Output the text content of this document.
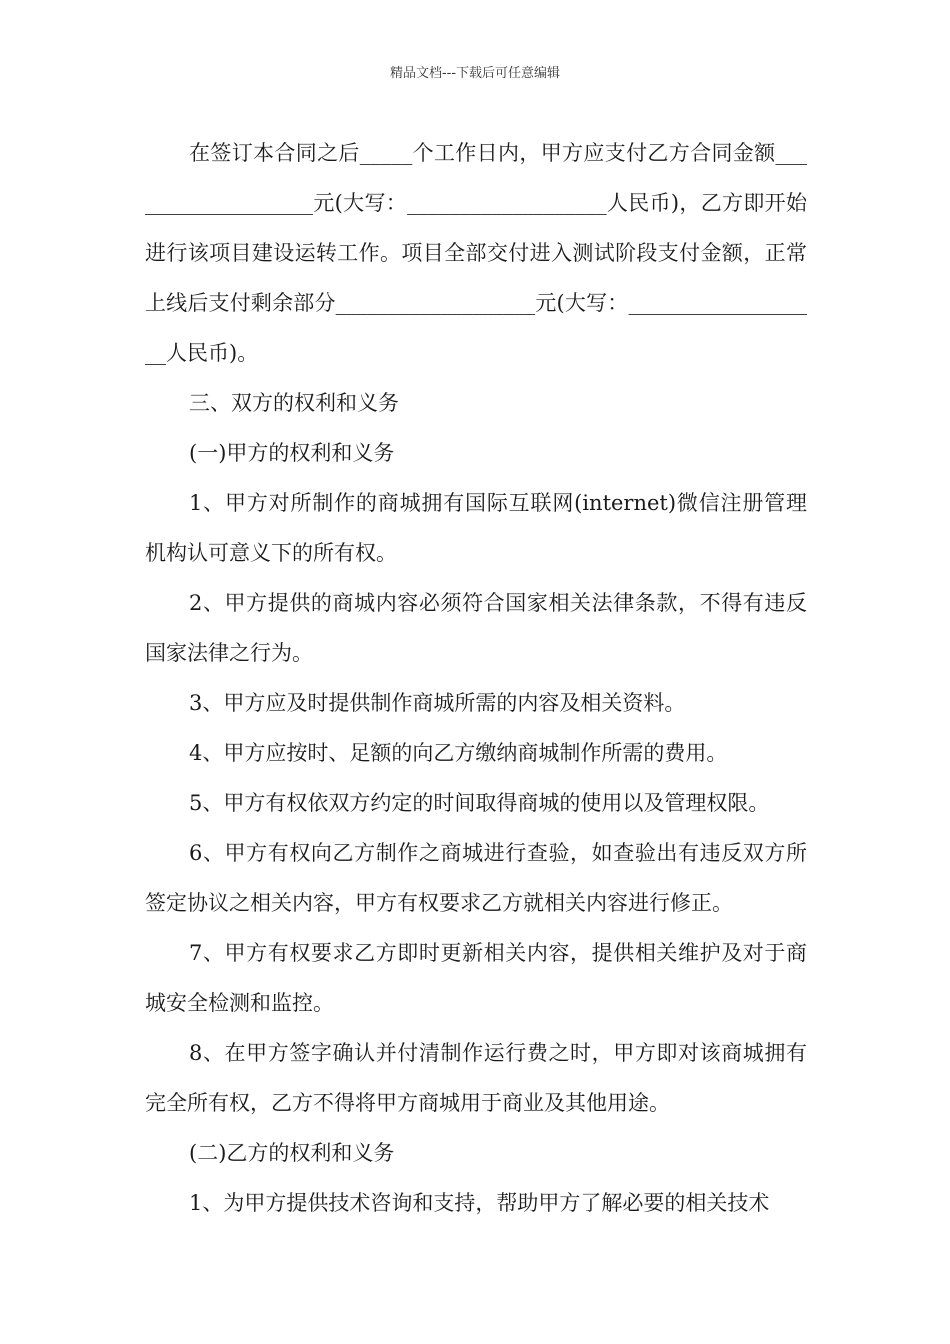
精品文档---下载后可任意编辑

在签订本合同之后_____个工作日内，甲方应支付乙方合同金额___________________元(大写：___________________人民币)，乙方即开始进行该项目建设运转工作。项目全部交付进入测试阶段支付金额，正常上线后支付剩余部分___________________元(大写：___________________人民币)。

三、双方的权利和义务

(一)甲方的权利和义务

1、甲方对所制作的商城拥有国际互联网(internet)微信注册管理机构认可意义下的所有权。

2、甲方提供的商城内容必须符合国家相关法律条款，不得有违反国家法律之行为。

3、甲方应及时提供制作商城所需的内容及相关资料。

4、甲方应按时、足额的向乙方缴纳商城制作所需的费用。

5、甲方有权依双方约定的时间取得商城的使用以及管理权限。

6、甲方有权向乙方制作之商城进行查验，如查验出有违反双方所签定协议之相关内容，甲方有权要求乙方就相关内容进行修正。

7、甲方有权要求乙方即时更新相关内容，提供相关维护及对于商城安全检测和监控。

8、在甲方签字确认并付清制作运行费之时，甲方即对该商城拥有完全所有权，乙方不得将甲方商城用于商业及其他用途。

(二)乙方的权利和义务

1、为甲方提供技术咨询和支持，帮助甲方了解必要的相关技术
